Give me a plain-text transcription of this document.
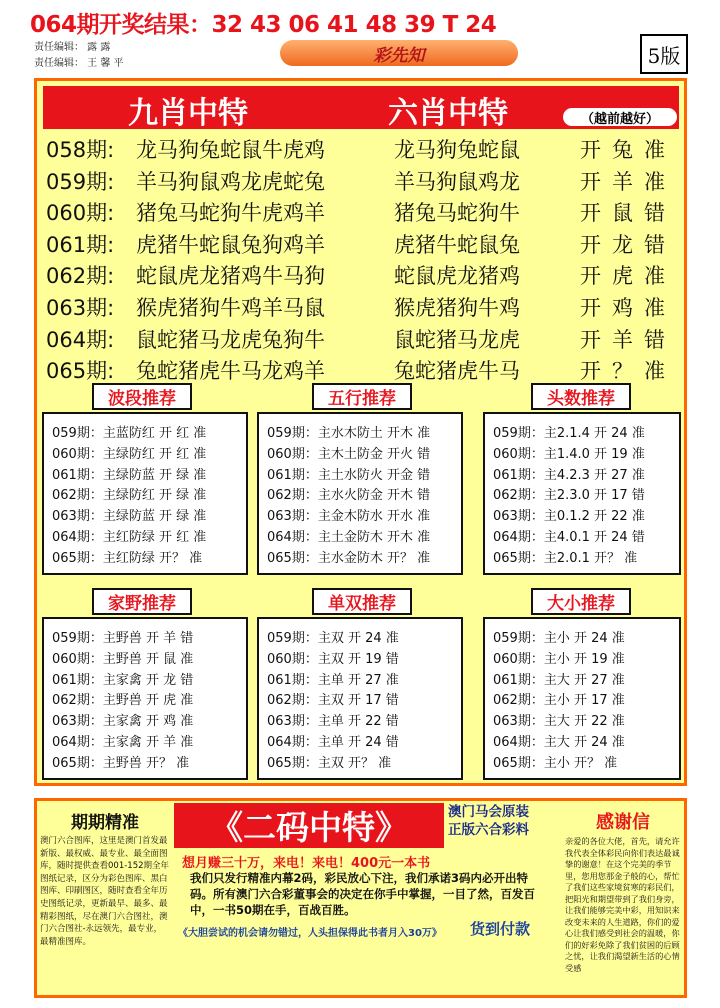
064期开奖结果：32 43 06 41 48 39 T 24
责任编辑： 露 露
责任编辑： 王 馨 平	彩先知	5版
九肖中特	六肖中特	（越前越好）
058期: 龙马狗兔蛇鼠牛虎鸡	龙马狗兔蛇鼠	开 兔 准
059期: 羊马狗鼠鸡龙虎蛇兔	羊马狗鼠鸡龙	开 羊 准
060期: 猪兔马蛇狗牛虎鸡羊	猪兔马蛇狗牛	开 鼠 错
061期: 虎猪牛蛇鼠兔狗鸡羊	虎猪牛蛇鼠兔	开 龙 错
062期: 蛇鼠虎龙猪鸡牛马狗	蛇鼠虎龙猪鸡	开 虎 准
063期: 猴虎猪狗牛鸡羊马鼠	猴虎猪狗牛鸡	开 鸡 准
064期: 鼠蛇猪马龙虎兔狗牛	鼠蛇猪马龙虎	开 羊 错
065期: 兔蛇猪虎牛马龙鸡羊	兔蛇猪虎牛马	开 ？ 准
波段推荐
059期：主蓝防红 开 红 准
060期：主绿防红 开 红 准
061期：主绿防蓝 开 绿 准
062期：主绿防红 开 绿 准
063期：主绿防蓝 开 绿 准
064期：主红防绿 开 红 准
065期：主红防绿 开？ 准
五行推荐
059期：主水木防土 开木 准
060期：主木土防金 开火 错
061期：主土水防火 开金 错
062期：主水火防金 开木 错
063期：主金木防水 开水 准
064期：主土金防木 开木 准
065期：主水金防木 开？ 准
头数推荐
059期：主2.1.4 开 24 准
060期：主1.4.0 开 19 准
061期：主4.2.3 开 27 准
062期：主2.3.0 开 17 错
063期：主0.1.2 开 22 准
064期：主4.0.1 开 24 错
065期：主2.0.1 开？ 准
家野推荐
059期：主野兽 开 羊 错
060期：主野兽 开 鼠 准
061期：主家禽 开 龙 错
062期：主野兽 开 虎 准
063期：主家禽 开 鸡 准
064期：主家禽 开 羊 准
065期：主野兽 开？ 准
单双推荐
059期：主双 开 24 准
060期：主双 开 19 错
061期：主单 开 27 准
062期：主双 开 17 错
063期：主单 开 22 错
064期：主单 开 24 错
065期：主双 开？ 准
大小推荐
059期：主小 开 24 准
060期：主小 开 19 准
061期：主大 开 27 准
062期：主小 开 17 准
063期：主大 开 22 准
064期：主大 开 24 准
065期：主小 开？ 准
期期精准
澳门六合图库，这里是澳门首发最新版、最权威、最专业、最全面图库，随时提供查看001-152期全年图纸记录，区分为彩色图库、黑白图库、印刷图区，随时查看全年历史图纸记录，更新最早、最多、最精彩图纸，尽在澳门六合图社，澳门六合图社-永远领先，最专业，最精准图库。
《二码中特》	澳门马会原装
正版六合彩料
想月赚三十万，来电！来电！400元一本书
我们只发行精准内幕2码，彩民放心下注，我们承诺3码内必开出特码。所有澳门六合彩董事会的决定在你手中掌握，一目了然，百发百中，一书50期在手，百战百胜。
《大胆尝试的机会请勿错过，人头担保得此书者月入30万》 货到付款
感谢信
亲爱的各位大佬，首先，请允许我代表全体彩民向你们表达最诚挚的谢意！在这个完美的季节里，您用您那金子般的心，帮忙了我们这些家境贫寒的彩民们，把阳光和期望带到了我们身旁，让我们能够完美中彩，用知识来改变未来的人生道路，你们的爱心让我们感受到社会的温暖，你们的好彩免除了我们贫困的后顾之忧，让我们渴望新生活的心情受感
